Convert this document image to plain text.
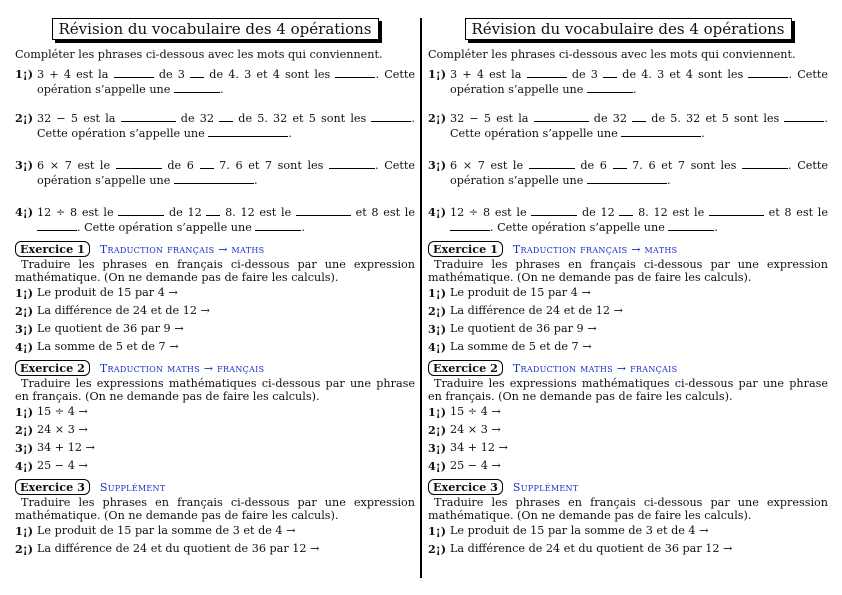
Révision du vocabulaire des 4 opérations
Compléter les phrases ci-dessous avec les mots qui conviennent.
1¡) 3 + 4 est la	de 3 de 4. 3 et 4 sont les	. Cette opération s’appelle une	.
2¡) 32 − 5 est la	de 32 de 5. 32 et 5 sont les	. Cette opération s’appelle une	.
3¡) 6 × 7 est le	de 6 7. 6 et 7 sont les	. Cette opération s’appelle une	.
4¡) 12 ÷ 8 est le	de 12 8. 12 est le	et 8 est le . Cette opération s’appelle une	.
Exercice 1	Traduction français → maths
Traduire les phrases en français ci-dessous par une expression mathématique. (On ne demande pas de faire les calculs).
1¡) Le produit de 15 par 4 →
2¡) La différence de 24 et de 12 →
3¡) Le quotient de 36 par 9 →
4¡) La somme de 5 et de 7 →
Exercice 2	Traduction maths → français
Traduire les expressions mathématiques ci-dessous par une phrase en français. (On ne demande pas de faire les calculs).
1¡) 15 ÷ 4 →
2¡) 24 × 3 →
3¡) 34 + 12 →
4¡) 25 − 4 →
Exercice 3	Supplément
Traduire les phrases en français ci-dessous par une expression mathématique. (On ne demande pas de faire les calculs).
1¡) Le produit de 15 par la somme de 3 et de 4 →
2¡) La différence de 24 et du quotient de 36 par 12 →
Révision du vocabulaire des 4 opérations
Compléter les phrases ci-dessous avec les mots qui conviennent.
1¡) 3 + 4 est la	de 3 de 4. 3 et 4 sont les	. Cette opération s’appelle une	.
2¡) 32 − 5 est la	de 32 de 5. 32 et 5 sont les	. Cette opération s’appelle une	.
3¡) 6 × 7 est le	de 6 7. 6 et 7 sont les	. Cette opération s’appelle une	.
4¡) 12 ÷ 8 est le	de 12 8. 12 est le	et 8 est le . Cette opération s’appelle une	.
Exercice 1	Traduction français → maths
Traduire les phrases en français ci-dessous par une expression mathématique. (On ne demande pas de faire les calculs).
1¡) Le produit de 15 par 4 →
2¡) La différence de 24 et de 12 →
3¡) Le quotient de 36 par 9 →
4¡) La somme de 5 et de 7 →
Exercice 2	Traduction maths → français
Traduire les expressions mathématiques ci-dessous par une phrase en français. (On ne demande pas de faire les calculs).
1¡) 15 ÷ 4 →
2¡) 24 × 3 →
3¡) 34 + 12 →
4¡) 25 − 4 →
Exercice 3	Supplément
Traduire les phrases en français ci-dessous par une expression mathématique. (On ne demande pas de faire les calculs).
1¡) Le produit de 15 par la somme de 3 et de 4 →
2¡) La différence de 24 et du quotient de 36 par 12 →
